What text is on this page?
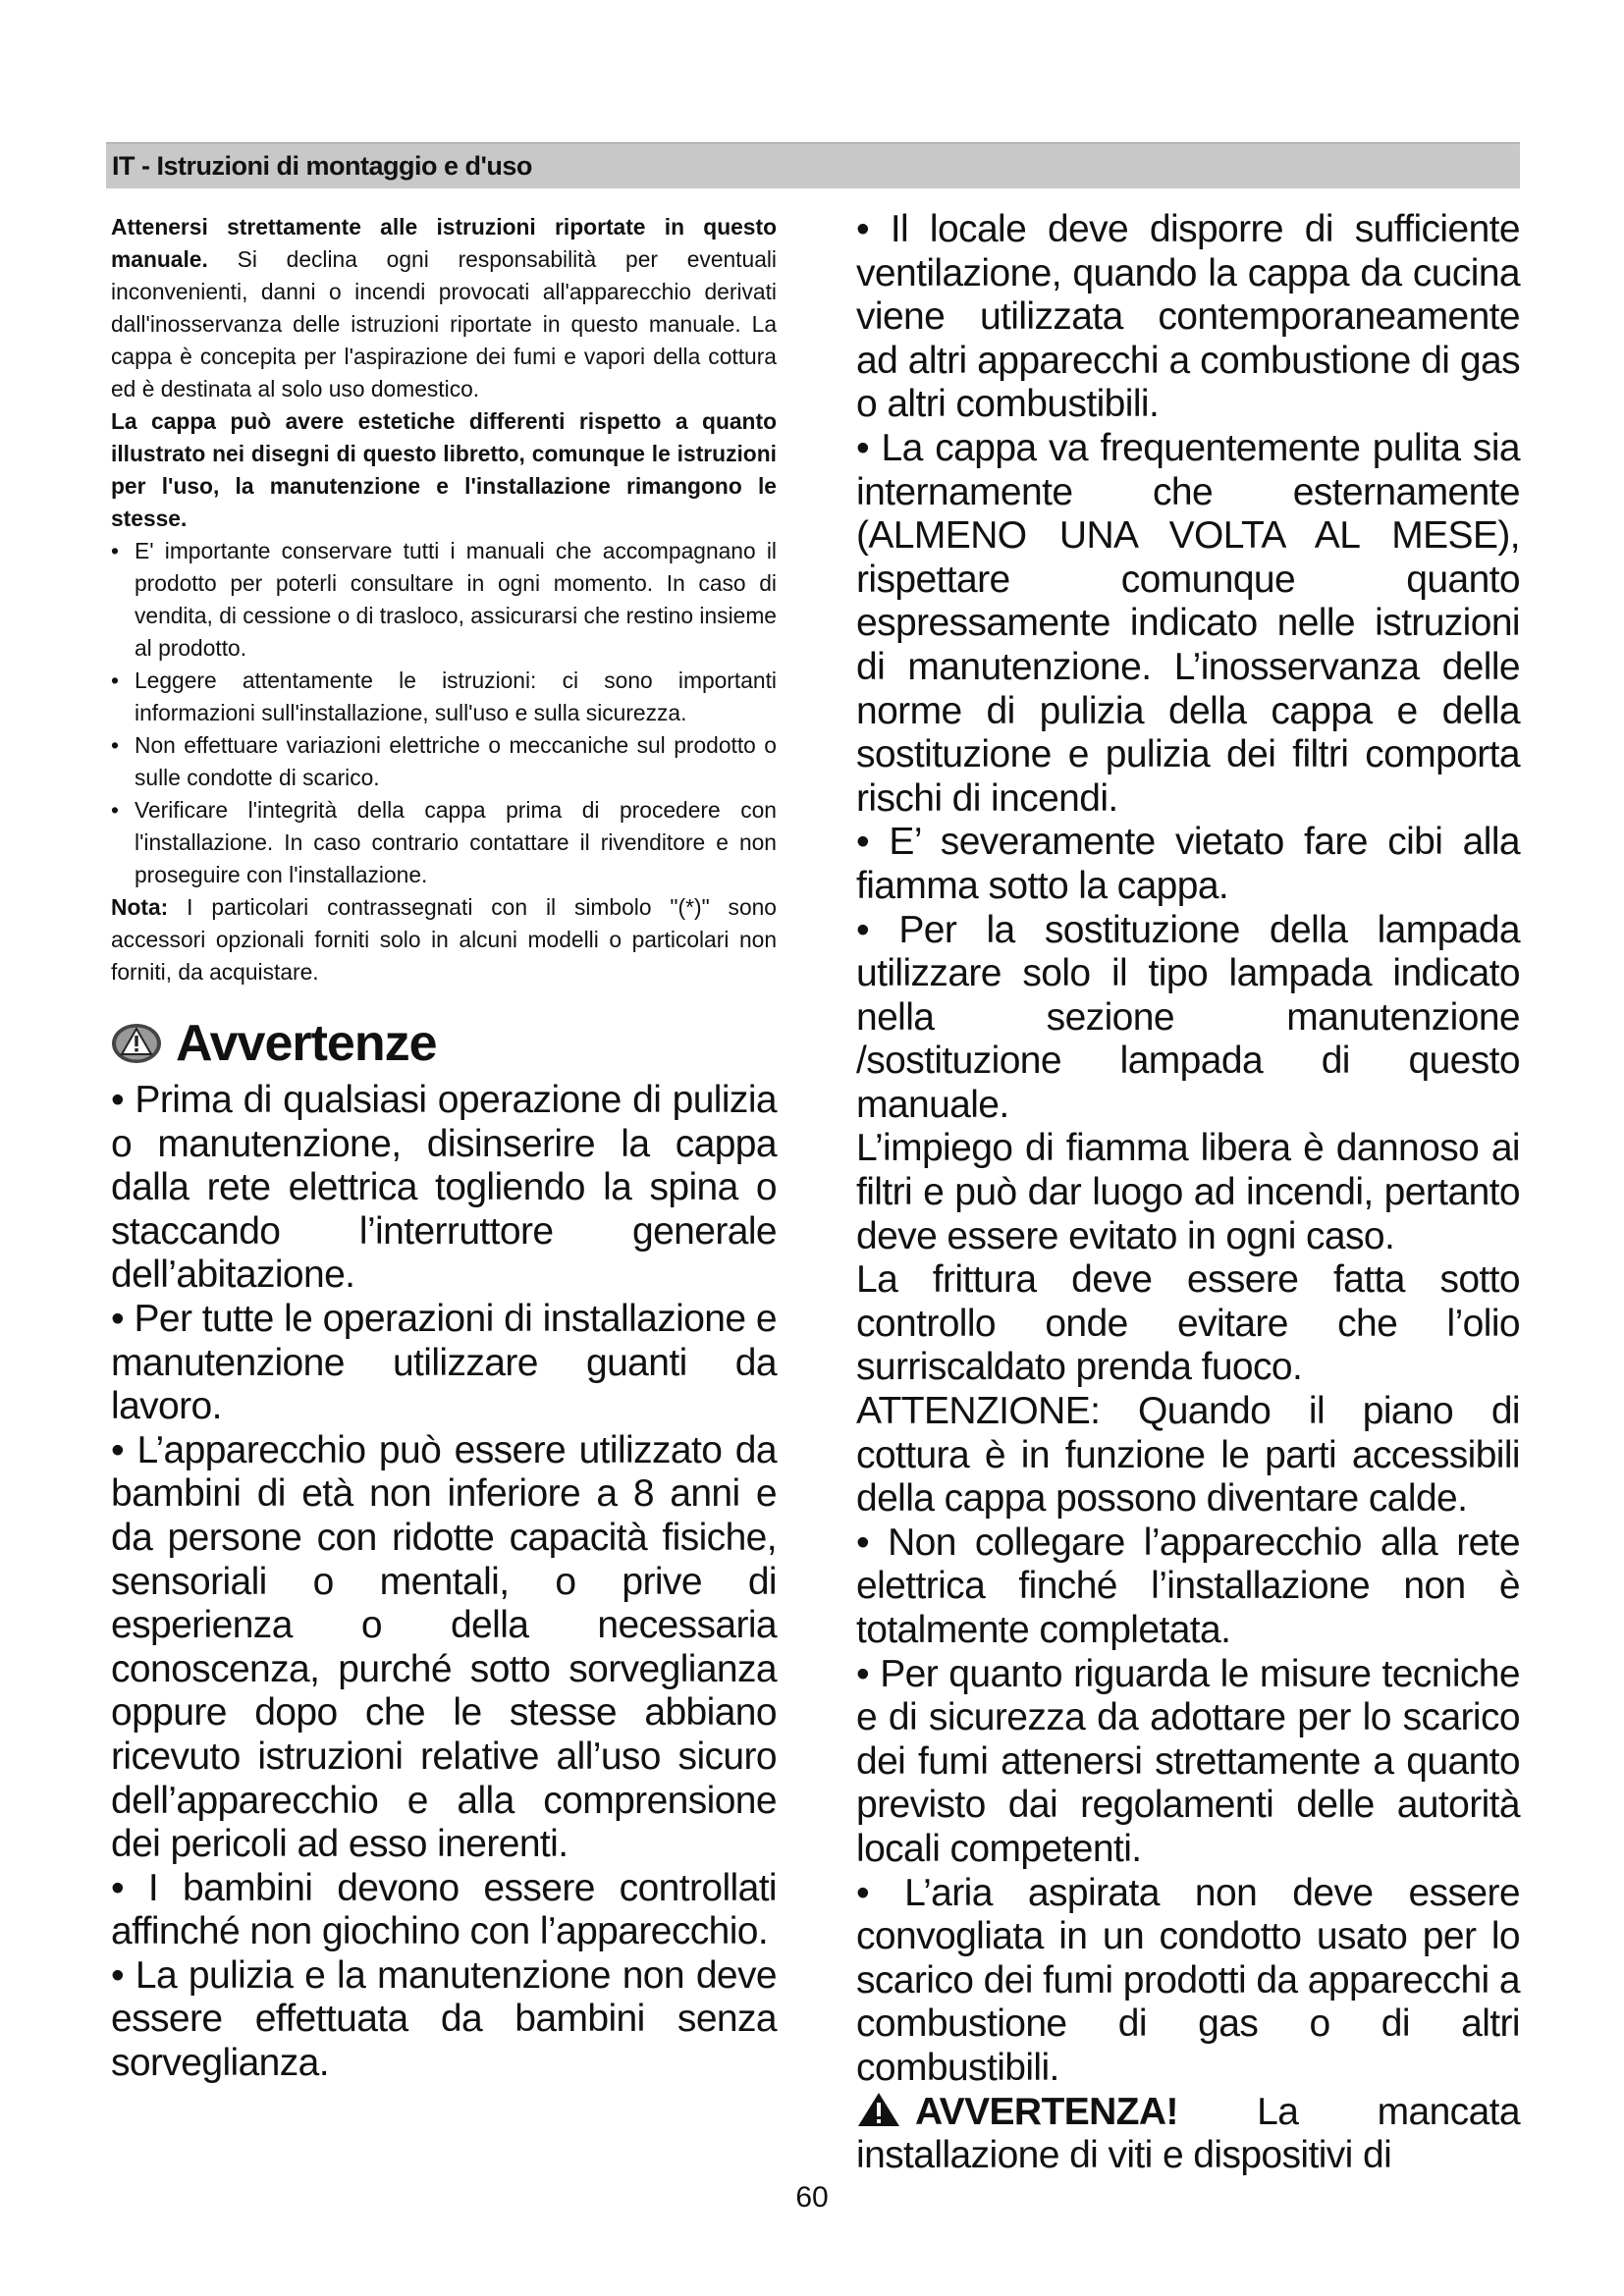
IT - Istruzioni di montaggio e d'uso

Attenersi strettamente alle istruzioni riportate in questo manuale. Si declina ogni responsabilità per eventuali inconvenienti, danni o incendi provocati all'apparecchio derivati dall'inosservanza delle istruzioni riportate in questo manuale. La cappa è concepita per l'aspirazione dei fumi e vapori della cottura ed è destinata al solo uso domestico.

La cappa può avere estetiche differenti rispetto a quanto illustrato nei disegni di questo libretto, comunque le istruzioni per l'uso, la manutenzione e l'installazione rimangono le stesse.

• E' importante conservare tutti i manuali che accompagnano il prodotto per poterli consultare in ogni momento. In caso di vendita, di cessione o di trasloco, assicurarsi che restino insieme al prodotto.
• Leggere attentamente le istruzioni: ci sono importanti informazioni sull'installazione, sull'uso e sulla sicurezza.
• Non effettuare variazioni elettriche o meccaniche sul prodotto o sulle condotte di scarico.
• Verificare l'integrità della cappa prima di procedere con l'installazione. In caso contrario contattare il rivenditore e non proseguire con l'installazione.

Nota: I particolari contrassegnati con il simbolo "(*)" sono accessori opzionali forniti solo in alcuni modelli o particolari non forniti, da acquistare.

Avvertenze

• Prima di qualsiasi operazione di pulizia o manutenzione, disinserire la cappa dalla rete elettrica togliendo la spina o staccando l’interruttore generale dell’abitazione.

• Per tutte le operazioni di installazione e manutenzione utilizzare guanti da lavoro.

• L’apparecchio può essere utilizzato da bambini di età non inferiore a 8 anni e da persone con ridotte capacità fisiche, sensoriali o mentali, o prive di esperienza o della necessaria conoscenza, purché sotto sorveglianza oppure dopo che le stesse abbiano ricevuto istruzioni relative all’uso sicuro dell’apparecchio e alla comprensione dei pericoli ad esso inerenti.

• I bambini devono essere controllati affinché non giochino con l’apparecchio.

• La pulizia e la manutenzione non deve essere effettuata da bambini senza sorveglianza.

• Il locale deve disporre di sufficiente ventilazione, quando la cappa da cucina viene utilizzata contemporaneamente ad altri apparecchi a combustione di gas o altri combustibili.

• La cappa va frequentemente pulita sia internamente che esternamente (ALMENO UNA VOLTA AL MESE), rispettare comunque quanto espressamente indicato nelle istruzioni di manutenzione. L’inosservanza delle norme di pulizia della cappa e della sostituzione e pulizia dei filtri comporta rischi di incendi.

• E’ severamente vietato fare cibi alla fiamma sotto la cappa.

• Per la sostituzione della lampada utilizzare solo il tipo lampada indicato nella sezione manutenzione /sostituzione lampada di questo manuale.

L’impiego di fiamma libera è dannoso ai filtri e può dar luogo ad incendi, pertanto deve essere evitato in ogni caso.

La frittura deve essere fatta sotto controllo onde evitare che l’olio surriscaldato prenda fuoco.

ATTENZIONE: Quando il piano di cottura è in funzione le parti accessibili della cappa possono diventare calde.

• Non collegare l’apparecchio alla rete elettrica finché l’installazione non è totalmente completata.

• Per quanto riguarda le misure tecniche e di sicurezza da adottare per lo scarico dei fumi attenersi strettamente a quanto previsto dai regolamenti delle autorità locali competenti.

• L’aria aspirata non deve essere convogliata in un condotto usato per lo scarico dei fumi prodotti da apparecchi a combustione di gas o di altri combustibili.

AVVERTENZA! La mancata installazione di viti e dispositivi di

60
